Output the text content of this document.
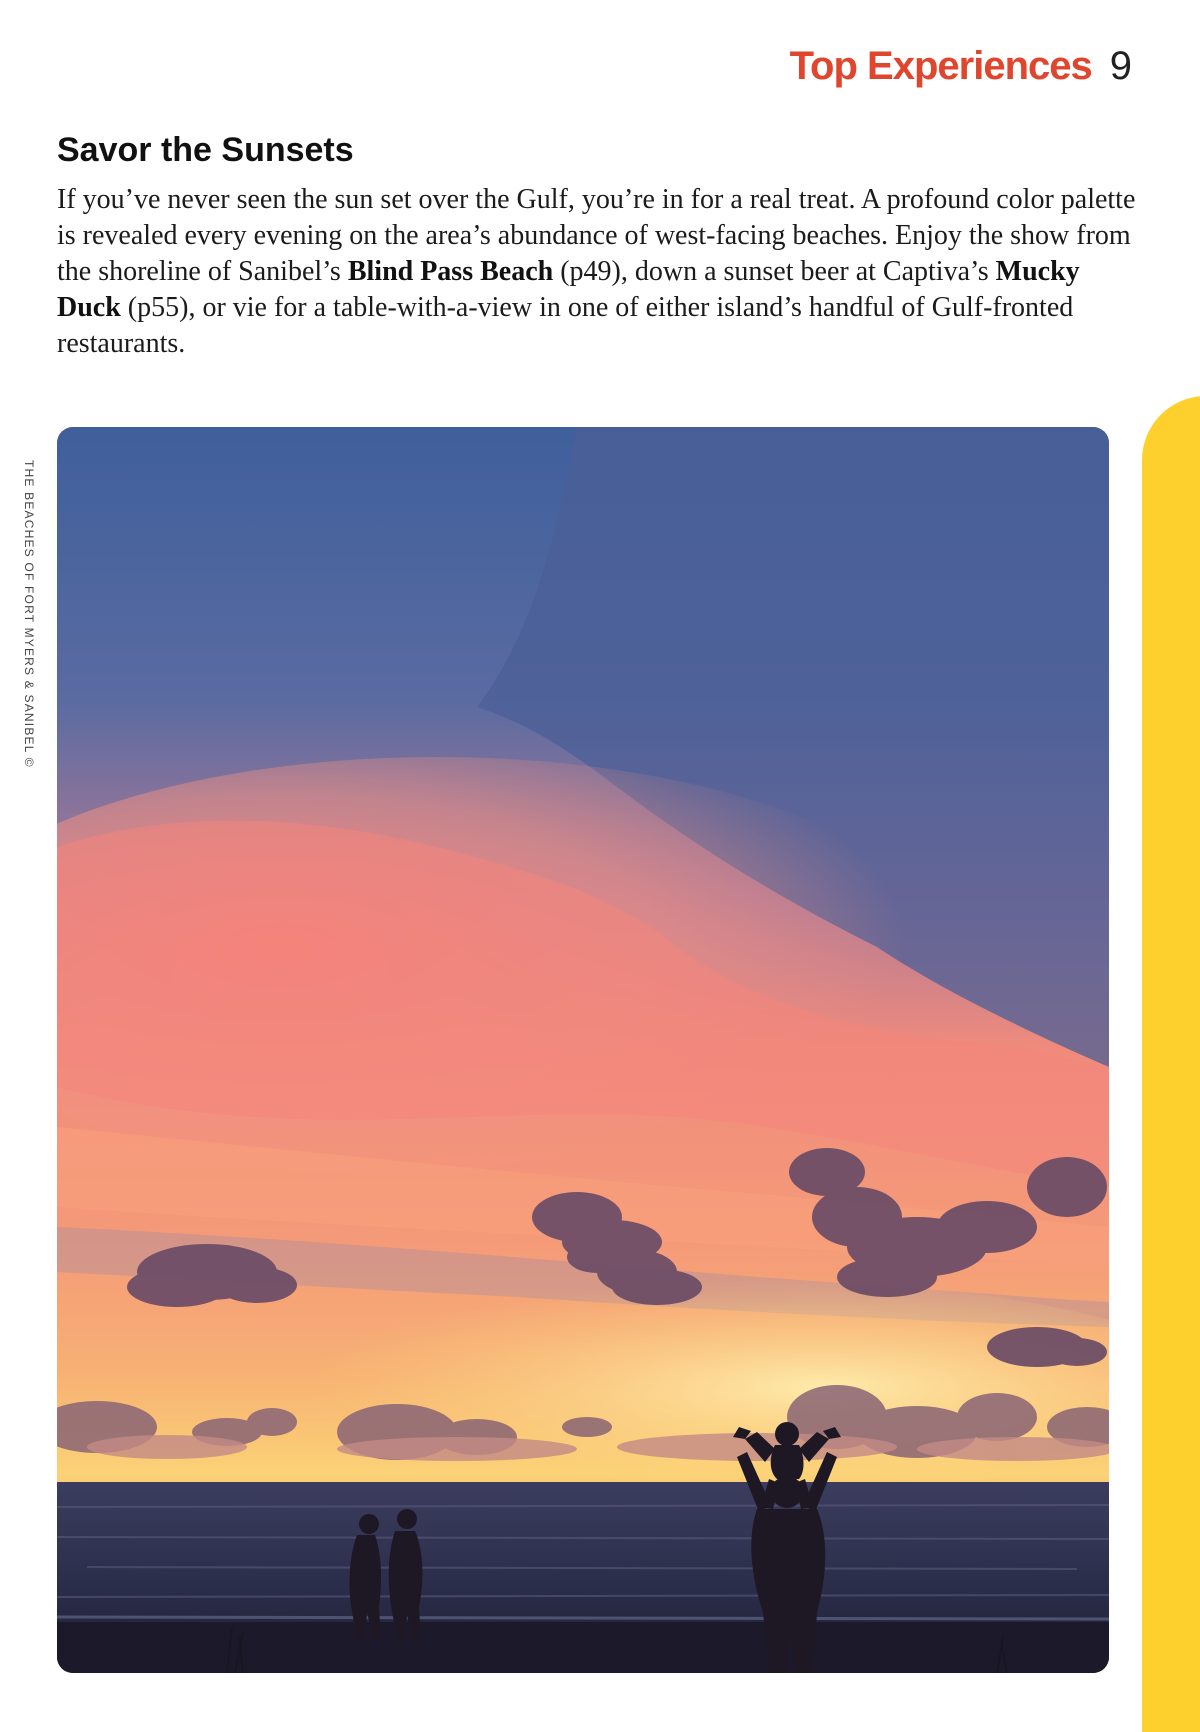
Top Experiences 9
Savor the Sunsets

If you’ve never seen the sun set over the Gulf, you’re in for a real treat. A profound color palette is revealed every evening on the area’s abundance of west-facing beaches. Enjoy the show from the shoreline of Sanibel’s Blind Pass Beach (p49), down a sunset beer at Captiva’s Mucky Duck (p55), or vie for a table-with-a-view in one of either island’s handful of Gulf-fronted restaurants.

THE BEACHES OF FORT MYERS & SANIBEL ©
